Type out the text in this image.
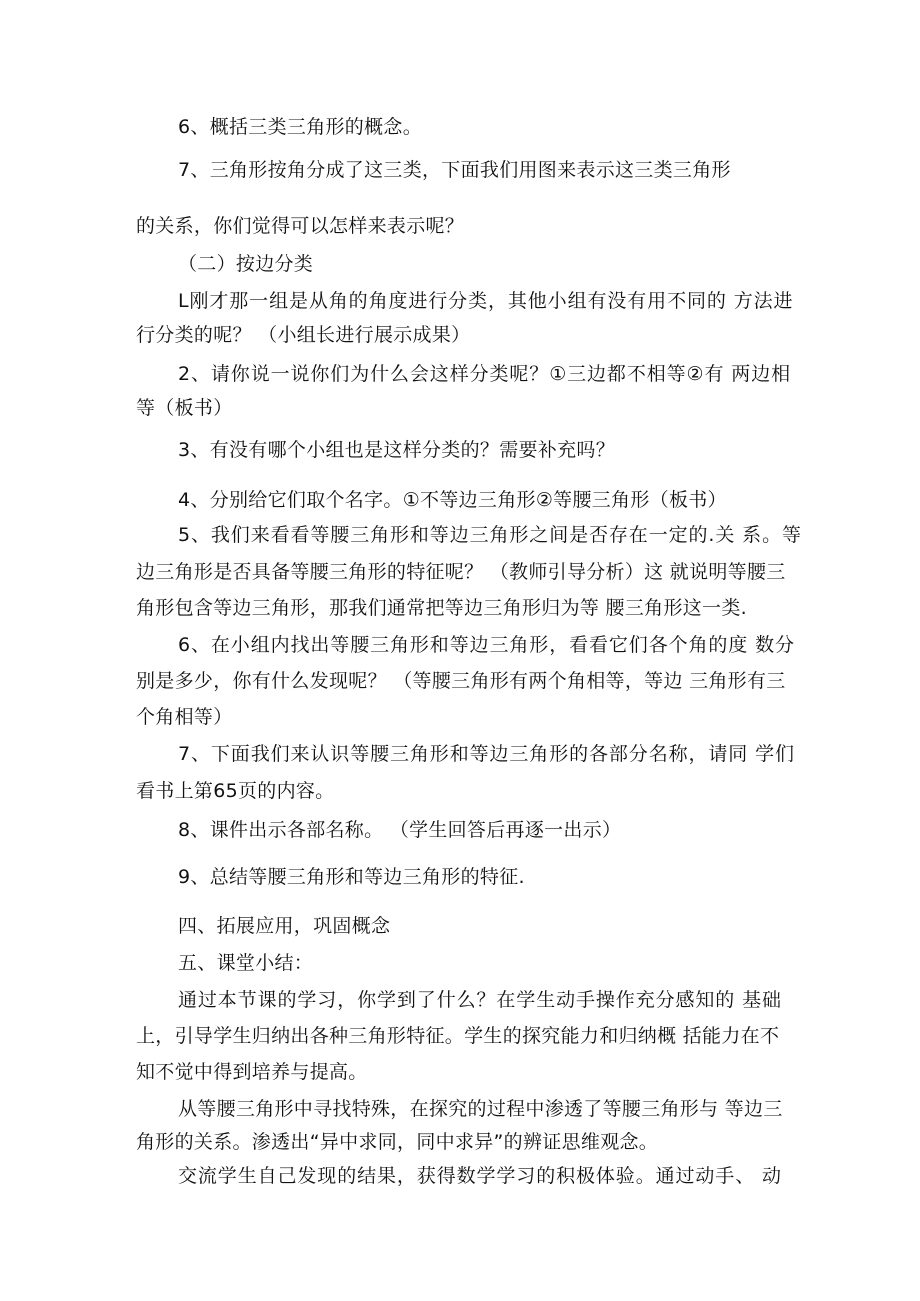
6、概括三类三角形的概念。
7、三角形按角分成了这三类，下面我们用图来表示这三类三角形
的关系，你们觉得可以怎样来表示呢？
（二）按边分类
L刚才那一组是从角的角度进行分类，其他小组有没有用不同的 方法进
行分类的呢？ （小组长进行展示成果）
2、请你说一说你们为什么会这样分类呢？①三边都不相等②有 两边相
等（板书）
3、有没有哪个小组也是这样分类的？需要补充吗？
4、分别给它们取个名字。①不等边三角形②等腰三角形（板书）
5、我们来看看等腰三角形和等边三角形之间是否存在一定的.关 系。等
边三角形是否具备等腰三角形的特征呢？ （教师引导分析）这 就说明等腰三
角形包含等边三角形，那我们通常把等边三角形归为等 腰三角形这一类.
6、在小组内找出等腰三角形和等边三角形，看看它们各个角的度 数分
别是多少，你有什么发现呢？ （等腰三角形有两个角相等，等边 三角形有三
个角相等）
7、下面我们来认识等腰三角形和等边三角形的各部分名称，请同 学们
看书上第65页的内容。
8、课件出示各部名称。 （学生回答后再逐一出示）
9、总结等腰三角形和等边三角形的特征.
四、拓展应用，巩固概念
五、课堂小结：
通过本节课的学习，你学到了什么？在学生动手操作充分感知的 基础
上，引导学生归纳出各种三角形特征。学生的探究能力和归纳概 括能力在不
知不觉中得到培养与提高。
从等腰三角形中寻找特殊，在探究的过程中渗透了等腰三角形与 等边三
角形的关系。渗透出“异中求同，同中求异”的辨证思维观念。
交流学生自己发现的结果，获得数学学习的积极体验。通过动手、 动
